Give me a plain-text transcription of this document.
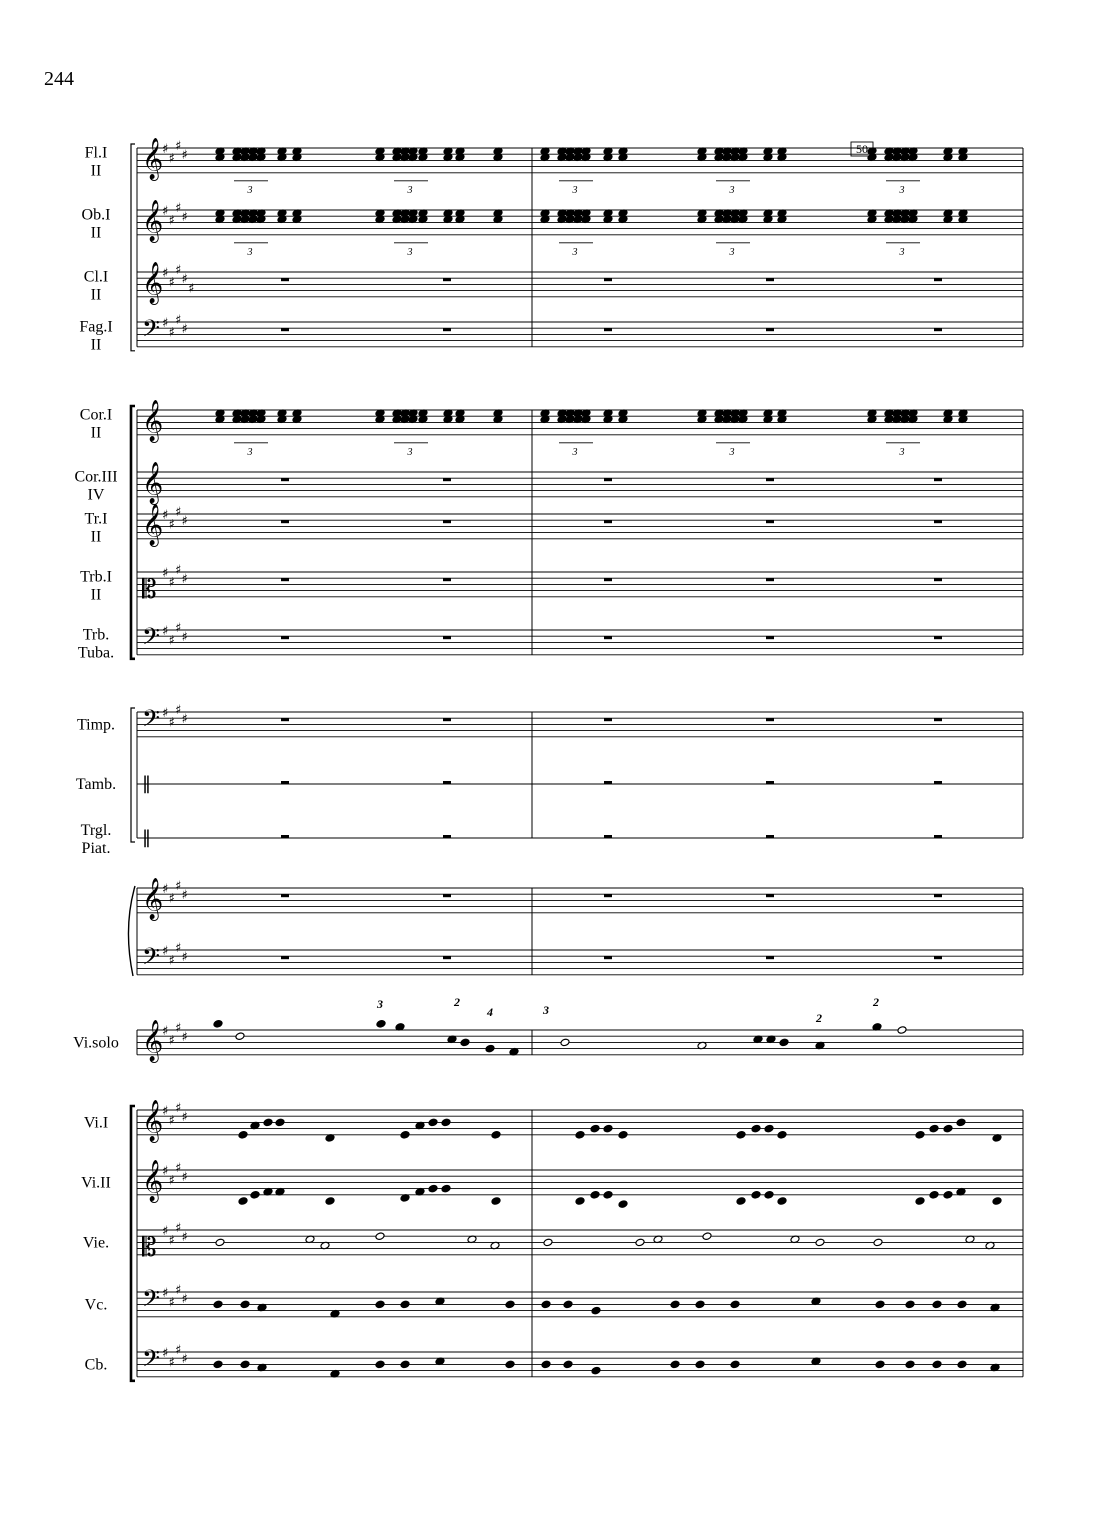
244
Fl.I
II
Ob.I
II
Cl.I
II
Fag.I
II
Cor.I
II
Cor.III
IV
Tr.I
II
Trb.I
II
Trb.
Tuba.
Timp.
Tamb.
Trgl.
Piat.
Vi.solo
Vi.I
Vi.II
Vie.
Vc.
Cb.
𝄞
♯
♯
♯
♯
𝄞
♯
♯
♯
♯
𝄞
♯
♯
♯
♯
♯
𝄢 ♯
♯
♯
♯
𝄞
𝄞
𝄞
♯
♯
♯
♯
𝄡
♯
♯
♯
♯
𝄢 ♯
♯
♯
♯
𝄢 ♯
♯
♯
♯
‖
‖
𝄞
♯
♯
♯
♯
𝄢 ♯
♯
♯
♯
𝄞
♯
♯
♯
♯
𝄞
♯
♯
♯
♯
𝄞
♯
♯
♯
♯
𝄡
♯
♯
♯
♯
𝄢 ♯
♯
♯
♯
𝄢 ♯
♯
♯
♯
3	3	3	3	3
3	3	3	3	3
3	3	3	3	3
3	2
4	3
2
2
50
